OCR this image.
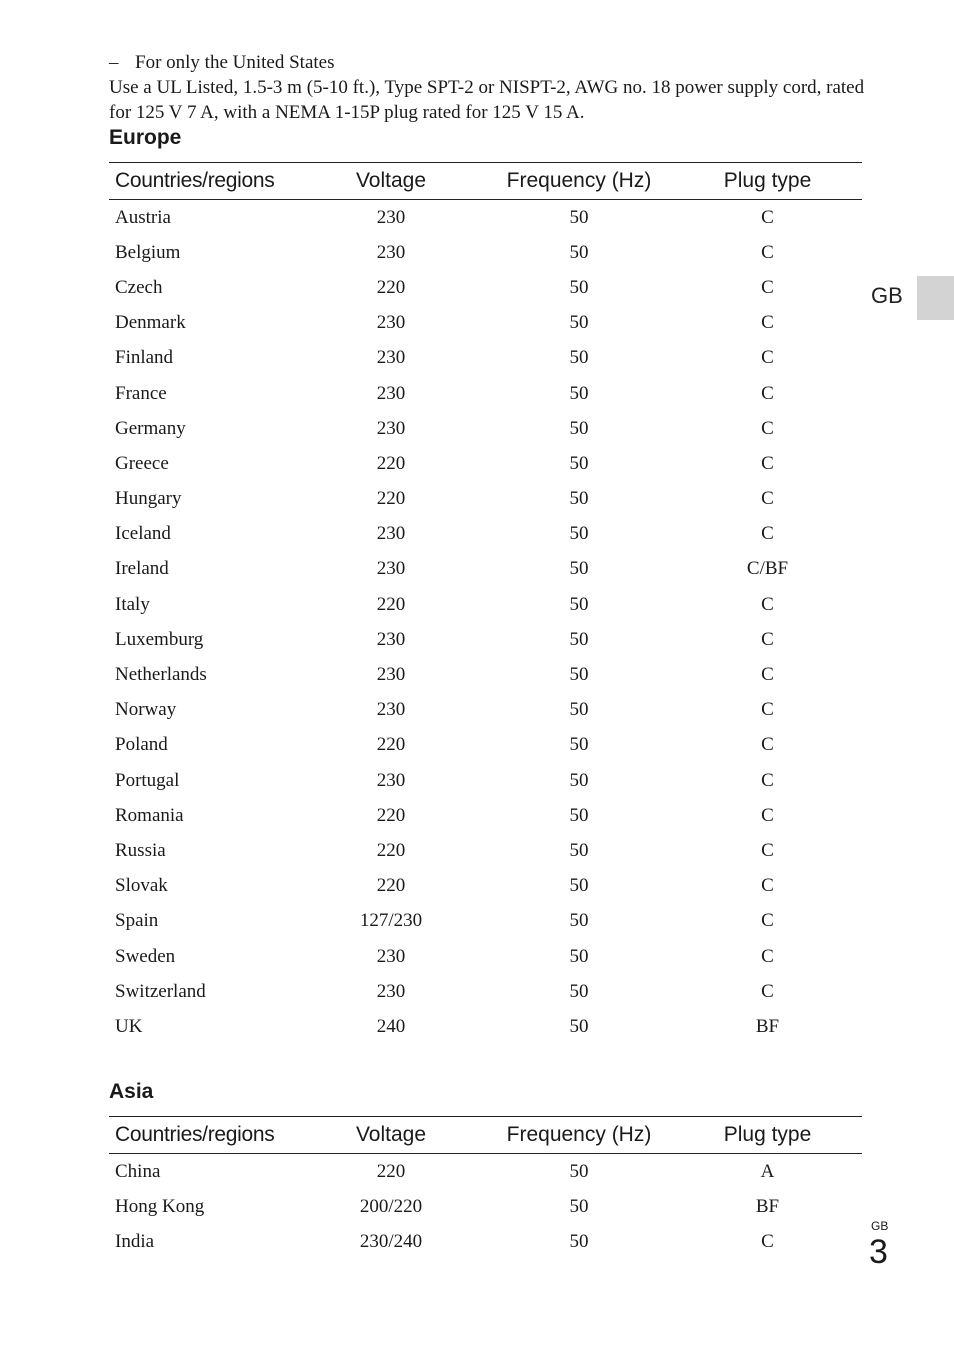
– For only the United States
Use a UL Listed, 1.5-3 m (5-10 ft.), Type SPT-2 or NISPT-2, AWG no. 18 power supply cord, rated for 125 V 7 A, with a NEMA 1-15P plug rated for 125 V 15 A.
Europe
Countries/regions	Voltage	Frequency (Hz)	Plug type
Austria	230	50	C
Belgium	230	50	C
Czech	220	50	C
Denmark	230	50	C
Finland	230	50	C
France	230	50	C
Germany	230	50	C
Greece	220	50	C
Hungary	220	50	C
Iceland	230	50	C
Ireland	230	50	C/BF
Italy	220	50	C
Luxemburg	230	50	C
Netherlands	230	50	C
Norway	230	50	C
Poland	220	50	C
Portugal	230	50	C
Romania	220	50	C
Russia	220	50	C
Slovak	220	50	C
Spain	127/230	50	C
Sweden	230	50	C
Switzerland	230	50	C
UK	240	50	BF
Asia
Countries/regions	Voltage	Frequency (Hz)	Plug type
China	220	50	A
Hong Kong	200/220	50	BF
India	230/240	50	C
GB
GB
3
